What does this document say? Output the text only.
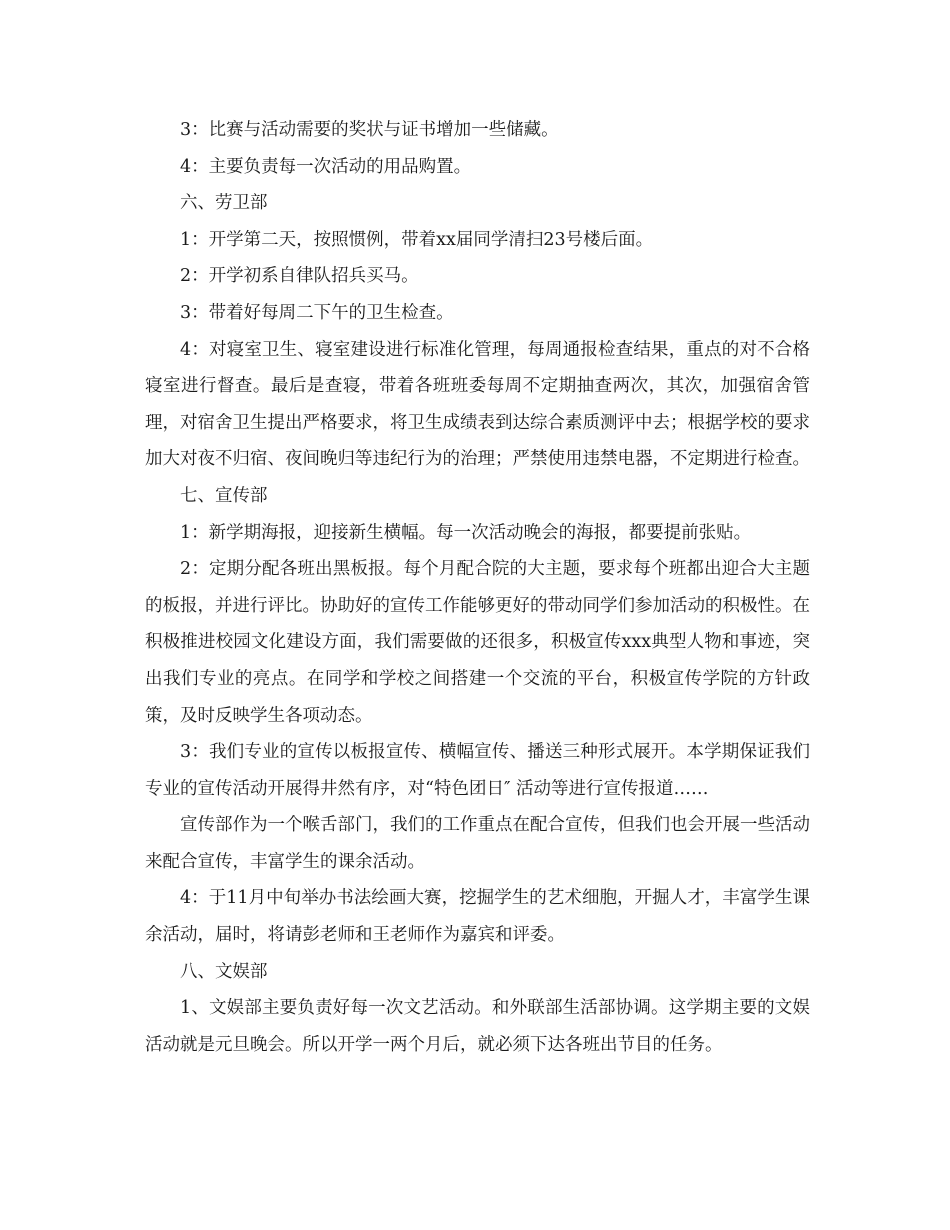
3：比赛与活动需要的奖状与证书增加一些储藏。

4：主要负责每一次活动的用品购置。

六、劳卫部

1：开学第二天，按照惯例，带着xx届同学清扫23号楼后面。

2：开学初系自律队招兵买马。

3：带着好每周二下午的卫生检查。

4：对寝室卫生、寝室建设进行标准化管理，每周通报检查结果，重点的对不合格寝室进行督查。最后是查寝，带着各班班委每周不定期抽查两次，其次，加强宿舍管理，对宿舍卫生提出严格要求，将卫生成绩表到达综合素质测评中去；根据学校的要求加大对夜不归宿、夜间晚归等违纪行为的治理；严禁使用违禁电器，不定期进行检查。

七、宣传部

1：新学期海报，迎接新生横幅。每一次活动晚会的海报，都要提前张贴。

2：定期分配各班出黑板报。每个月配合院的大主题，要求每个班都出迎合大主题的板报，并进行评比。协助好的宣传工作能够更好的带动同学们参加活动的积极性。在积极推进校园文化建设方面，我们需要做的还很多，积极宣传xxx典型人物和事迹，突出我们专业的亮点。在同学和学校之间搭建一个交流的平台，积极宣传学院的方针政策，及时反映学生各项动态。

3：我们专业的宣传以板报宣传、横幅宣传、播送三种形式展开。本学期保证我们专业的宣传活动开展得井然有序，对“特色团日″ 活动等进行宣传报道……

宣传部作为一个喉舌部门，我们的工作重点在配合宣传，但我们也会开展一些活动来配合宣传，丰富学生的课余活动。

4：于11月中旬举办书法绘画大赛，挖掘学生的艺术细胞，开掘人才，丰富学生课余活动，届时，将请彭老师和王老师作为嘉宾和评委。

八、文娱部

1、文娱部主要负责好每一次文艺活动。和外联部生活部协调。这学期主要的文娱活动就是元旦晚会。所以开学一两个月后，就必须下达各班出节目的任务。
